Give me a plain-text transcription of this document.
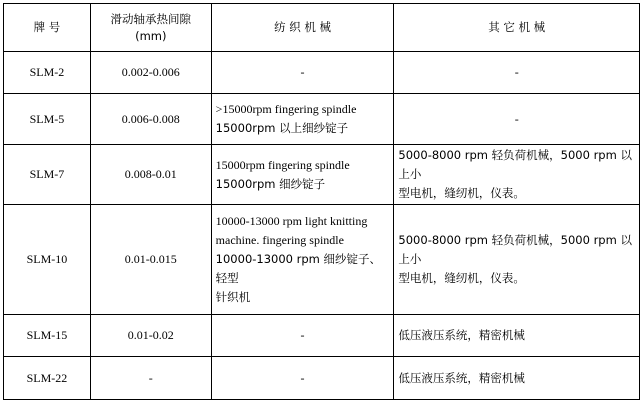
牌 号	滑动轴承热间隙
(mm)	纺 织 机 械	其 它 机 械
SLM-2	0.002-0.006	-	-
SLM-5	0.006-0.008	>15000rpm fingering spindle
15000rpm 以上细纱锭子	-
SLM-7	0.008-0.01	15000rpm fingering spindle
15000rpm 细纱锭子	5000-8000 rpm 轻负荷机械，5000 rpm 以上小
型电机，缝纫机，仪表。

SLM-10	0.01-0.015	10000-13000 rpm light knitting
machine. fingering spindle
10000-13000 rpm 细纱锭子、轻型
针织机	5000-8000 rpm 轻负荷机械，5000 rpm 以上小
型电机，缝纫机，仪表。

SLM-15	0.01-0.02	-	低压液压系统，精密机械
SLM-22	-	-	低压液压系统，精密机械
